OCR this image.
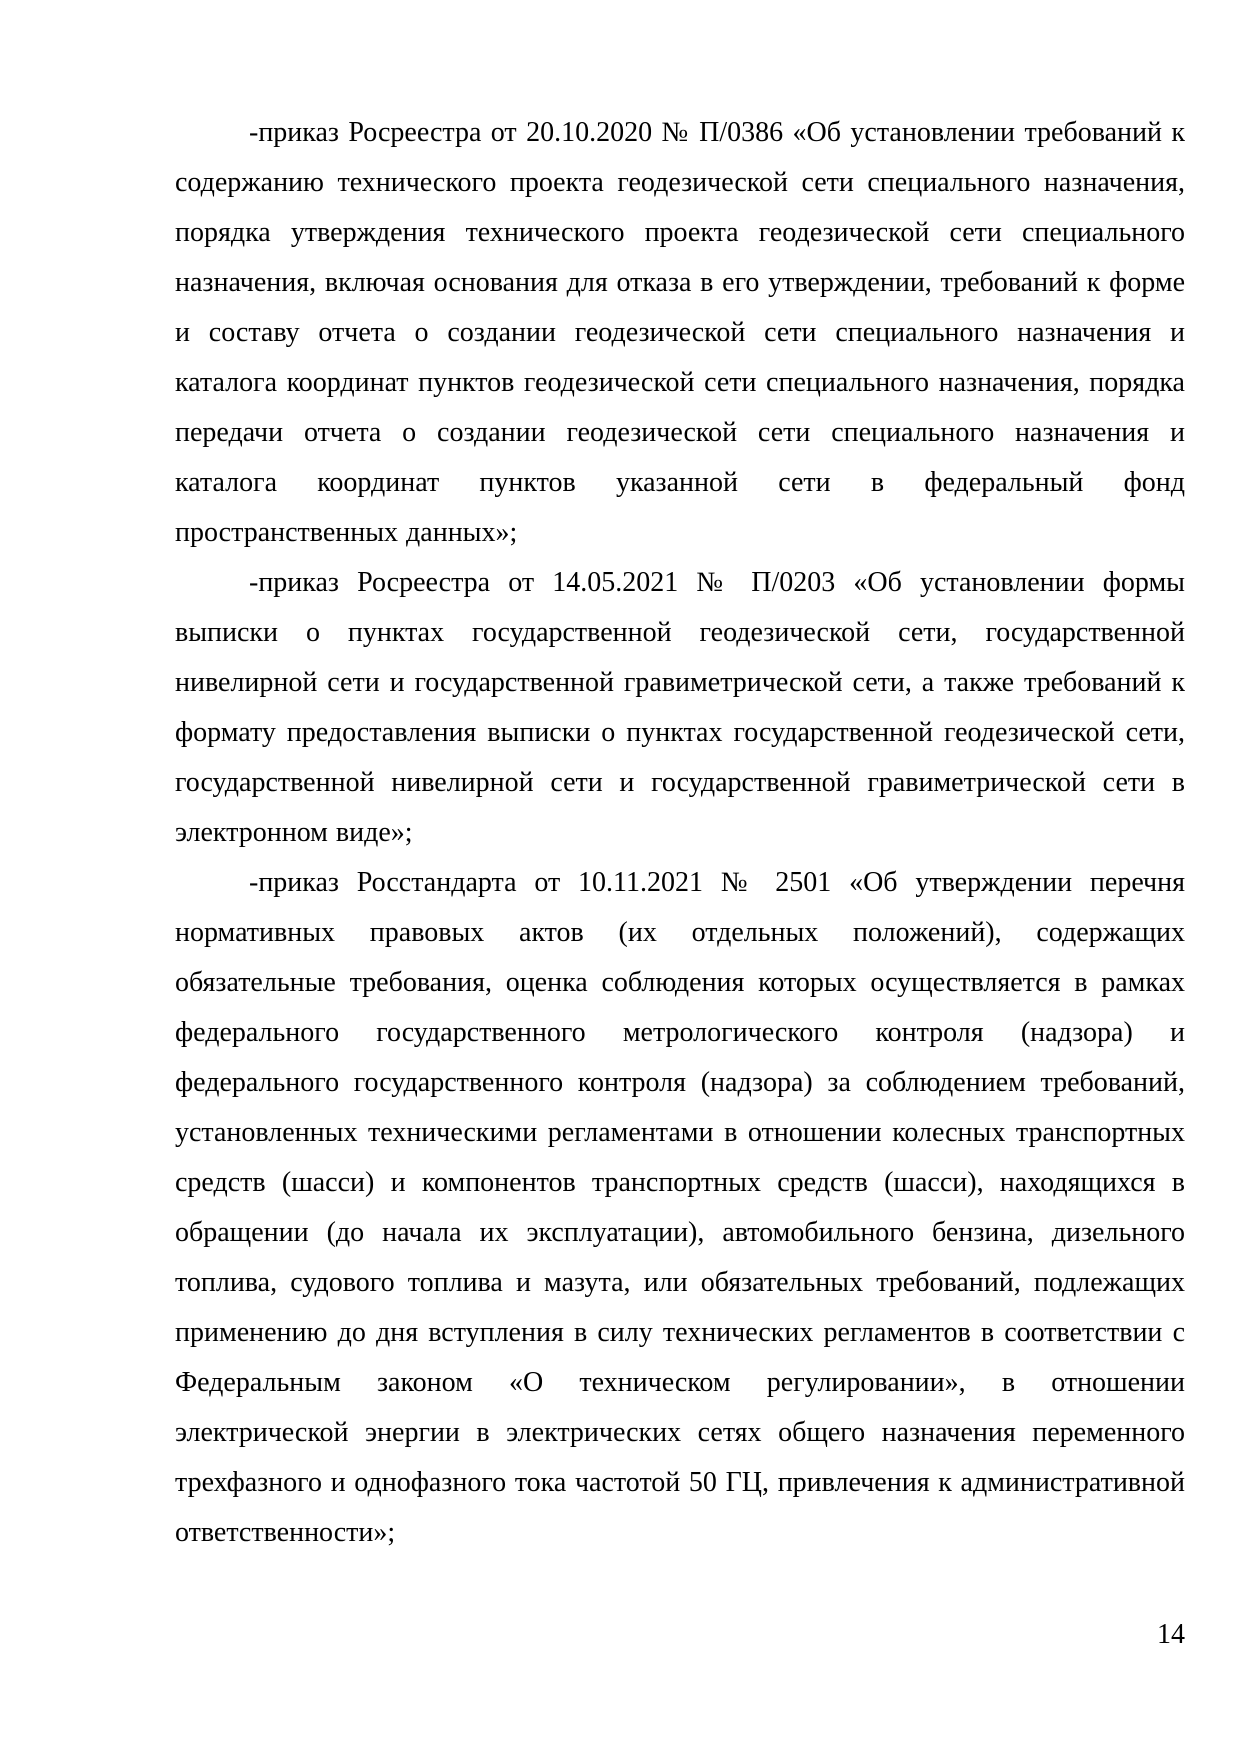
-приказ Росреестра от 20.10.2020 № П/0386 «Об установлении требований к содержанию технического проекта геодезической сети специального назначения, порядка утверждения технического проекта геодезической сети специального назначения, включая основания для отказа в его утверждении, требований к форме и составу отчета о создании геодезической сети специального назначения и каталога координат пунктов геодезической сети специального назначения, порядка передачи отчета о создании геодезической сети специального назначения и каталога координат пунктов указанной сети в федеральный фонд пространственных данных»;

-приказ Росреестра от 14.05.2021 № П/0203 «Об установлении формы выписки о пунктах государственной геодезической сети, государственной нивелирной сети и государственной гравиметрической сети, а также требований к формату предоставления выписки о пунктах государственной геодезической сети, государственной нивелирной сети и государственной гравиметрической сети в электронном виде»;

-приказ Росстандарта от 10.11.2021 № 2501 «Об утверждении перечня нормативных правовых актов (их отдельных положений), содержащих обязательные требования, оценка соблюдения которых осуществляется в рамках федерального государственного метрологического контроля (надзора) и федерального государственного контроля (надзора) за соблюдением требований, установленных техническими регламентами в отношении колесных транспортных средств (шасси) и компонентов транспортных средств (шасси), находящихся в обращении (до начала их эксплуатации), автомобильного бензина, дизельного топлива, судового топлива и мазута, или обязательных требований, подлежащих применению до дня вступления в силу технических регламентов в соответствии с Федеральным законом «О техническом регулировании», в отношении электрической энергии в электрических сетях общего назначения переменного трехфазного и однофазного тока частотой 50 ГЦ, привлечения к административной ответственности»;

14
